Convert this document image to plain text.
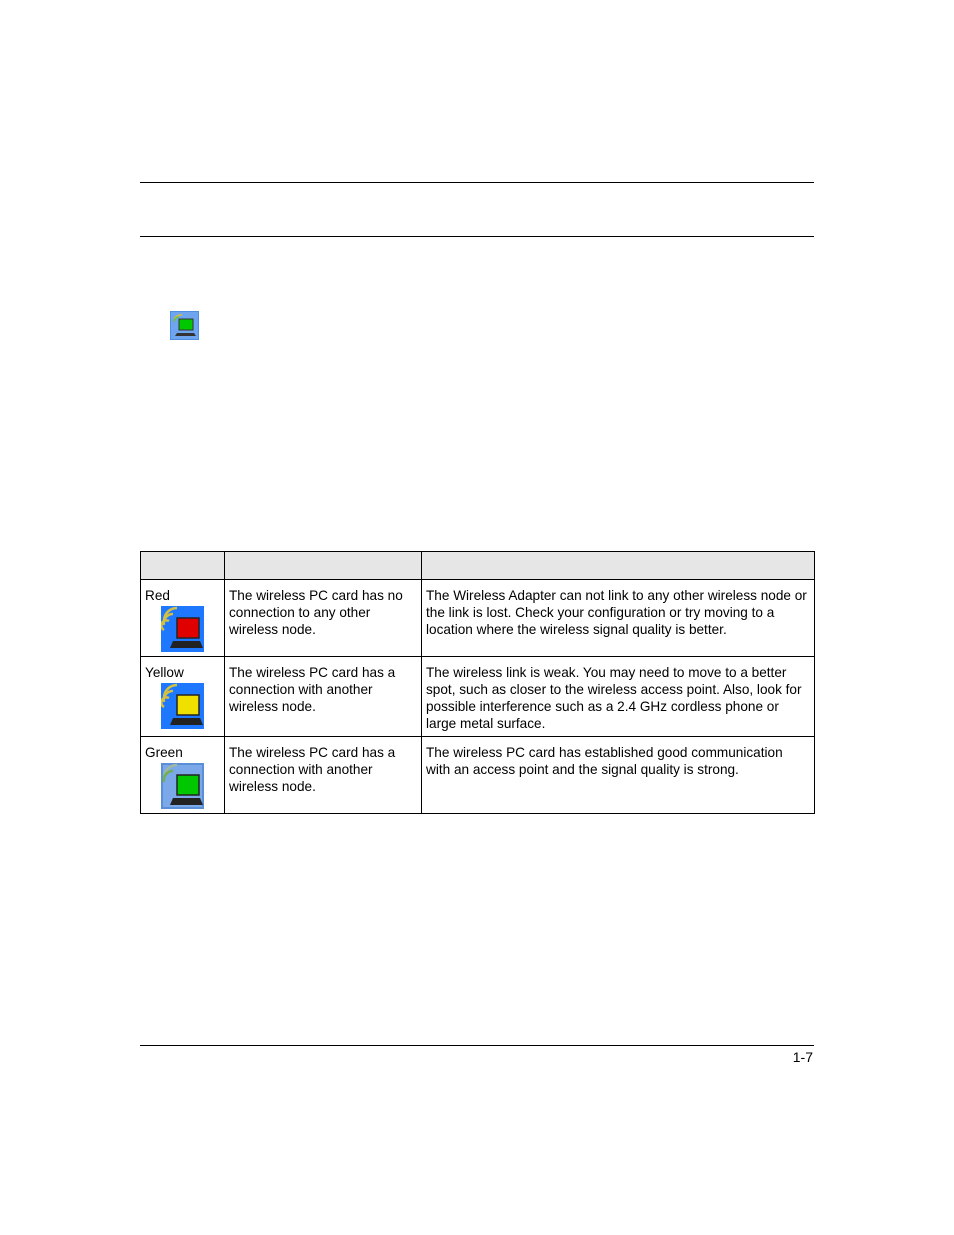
Red	The wireless PC card has no connection to any other wireless node.	The Wireless Adapter can not link to any other wireless node or the link is lost. Check your configuration or try moving to a location where the wireless signal quality is better.

Yellow	The wireless PC card has a connection with another wireless node.	The wireless link is weak. You may need to move to a better spot, such as closer to the wireless access point. Also, look for possible interference such as a 2.4 GHz cordless phone or large metal surface.

Green	The wireless PC card has a connection with another wireless node.	The wireless PC card has established good communication with an access point and the signal quality is strong.
1-7
